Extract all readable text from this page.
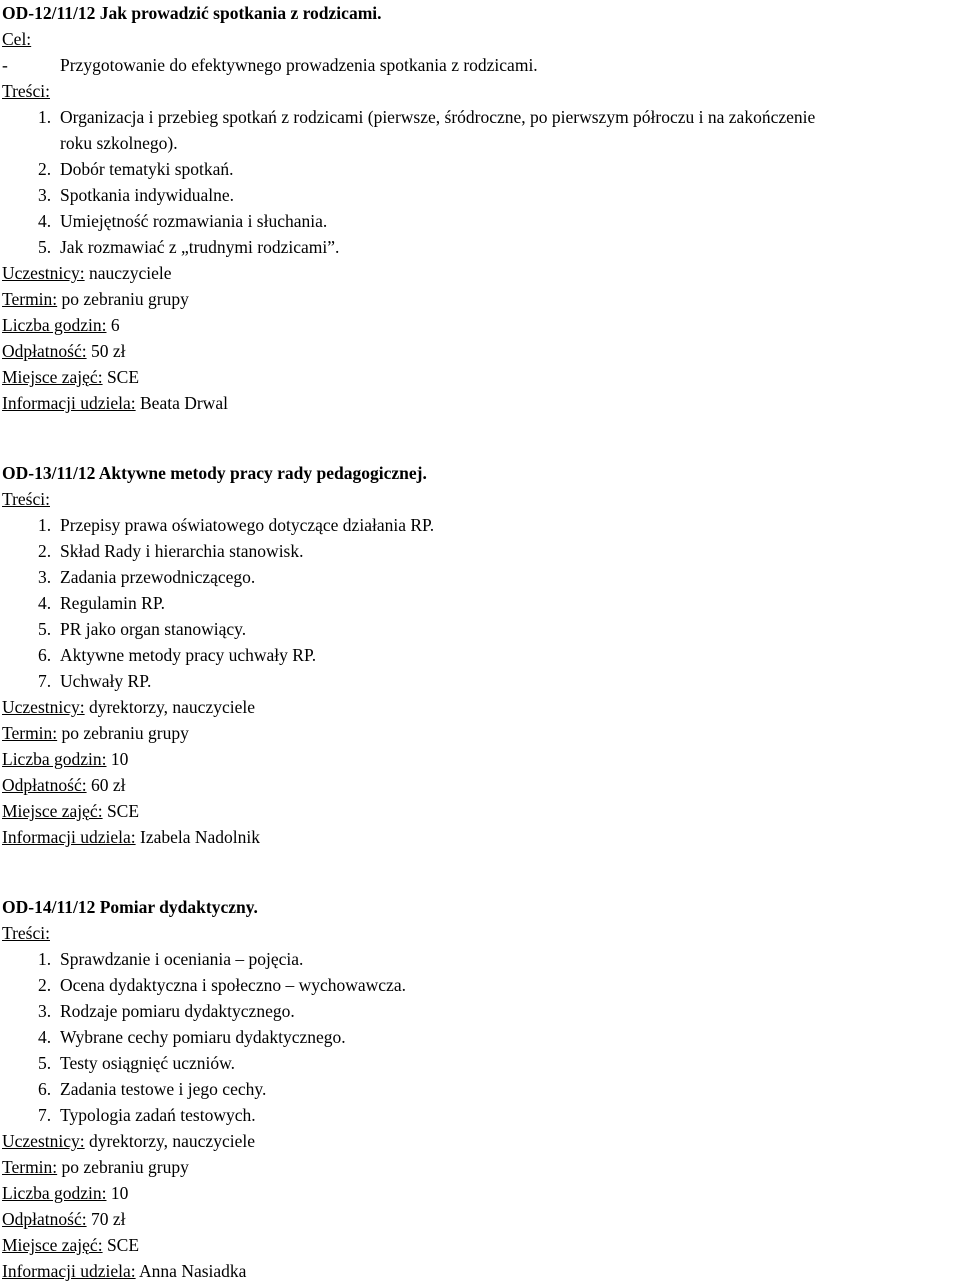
OD-12/11/12 Jak prowadzić spotkania z rodzicami.
Cel:
-	Przygotowanie do efektywnego prowadzenia spotkania z rodzicami.
Treści:
1. Organizacja i przebieg spotkań z rodzicami (pierwsze, śródroczne, po pierwszym półroczu i na zakończenie
roku szkolnego).
2. Dobór tematyki spotkań.
3. Spotkania indywidualne.
4. Umiejętność rozmawiania i słuchania.
5. Jak rozmawiać z „trudnymi rodzicami”.
Uczestnicy: nauczyciele
Termin: po zebraniu grupy
Liczba godzin: 6
Odpłatność: 50 zł
Miejsce zajęć: SCE
Informacji udziela: Beata Drwal
OD-13/11/12 Aktywne metody pracy rady pedagogicznej.
Treści:
1. Przepisy prawa oświatowego dotyczące działania RP.
2. Skład Rady i hierarchia stanowisk.
3. Zadania przewodniczącego.
4. Regulamin RP.
5. PR jako organ stanowiący.
6. Aktywne metody pracy uchwały RP.
7. Uchwały RP.
Uczestnicy: dyrektorzy, nauczyciele
Termin: po zebraniu grupy
Liczba godzin: 10
Odpłatność: 60 zł
Miejsce zajęć: SCE
Informacji udziela: Izabela Nadolnik
OD-14/11/12 Pomiar dydaktyczny.
Treści:
1. Sprawdzanie i oceniania – pojęcia.
2. Ocena dydaktyczna i społeczno – wychowawcza.
3. Rodzaje pomiaru dydaktycznego.
4. Wybrane cechy pomiaru dydaktycznego.
5. Testy osiągnięć uczniów.
6. Zadania testowe i jego cechy.
7. Typologia zadań testowych.
Uczestnicy: dyrektorzy, nauczyciele
Termin: po zebraniu grupy
Liczba godzin: 10
Odpłatność: 70 zł
Miejsce zajęć: SCE
Informacji udziela: Anna Nasiadka
